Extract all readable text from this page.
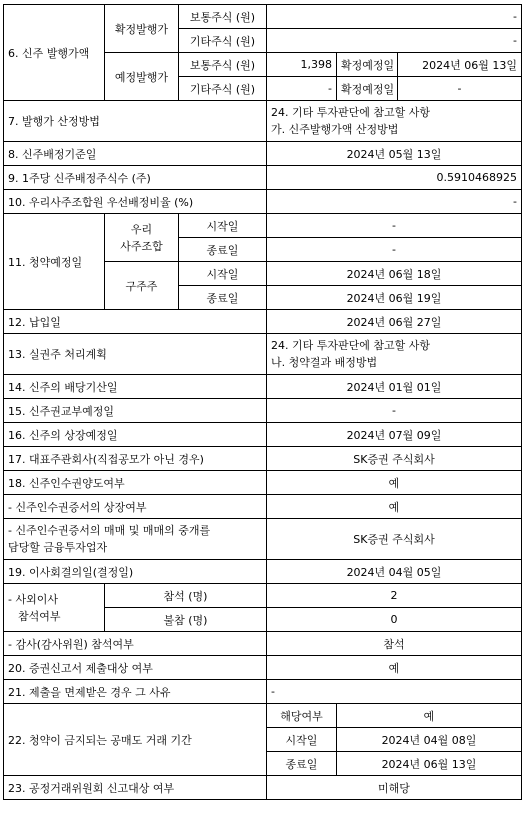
6. 신주 발행가액	확정발행가	보통주식 (원)	-		
		기타주식 (원)	-		
	예정발행가	보통주식 (원)	1,398	확정예정일	2024년 06월 13일
		기타주식 (원)	-	확정예정일	-
7. 발행가 산정방법			24. 기타 투자판단에 참고할 사항
가. 신주발행가액 산정방법		

8. 신주배정기준일			2024년 05월 13일		
9. 1주당 신주배정주식수 (주)			0.5910468925		
10. 우리사주조합원 우선배정비율 (%)			-		
11. 청약예정일	우리
사주조합	시작일	-		
		종료일	-		
	구주주	시작일	2024년 06월 18일		
		종료일	2024년 06월 19일		
12. 납입일			2024년 06월 27일		
13. 실권주 처리계획			24. 기타 투자판단에 참고할 사항
나. 청약결과 배정방법		

14. 신주의 배당기산일			2024년 01월 01일		
15. 신주권교부예정일			-		
16. 신주의 상장예정일			2024년 07월 09일		
17. 대표주관회사(직접공모가 아닌 경우)			SK증권 주식회사		
18. 신주인수권양도여부			예		
- 신주인수권증서의 상장여부			예		

- 신주인수권증서의 매매 및 매매의 중개를
담당할 금융투자업자			SK증권 주식회사		
19. 이사회결의일(결정일)			2024년 04월 05일		

- 사외이사
참석여부	참석 (명)		2		
	불참 (명)		0		
- 감사(감사위원) 참석여부			참석		
20. 증권신고서 제출대상 여부			예		
21. 제출을 면제받은 경우 그 사유			-		
22. 청약이 금지되는 공매도 거래 기간			해당여부	예	
			시작일	2024년 04월 08일	
			종료일	2024년 06월 13일	
23. 공정거래위원회 신고대상 여부			미해당		
